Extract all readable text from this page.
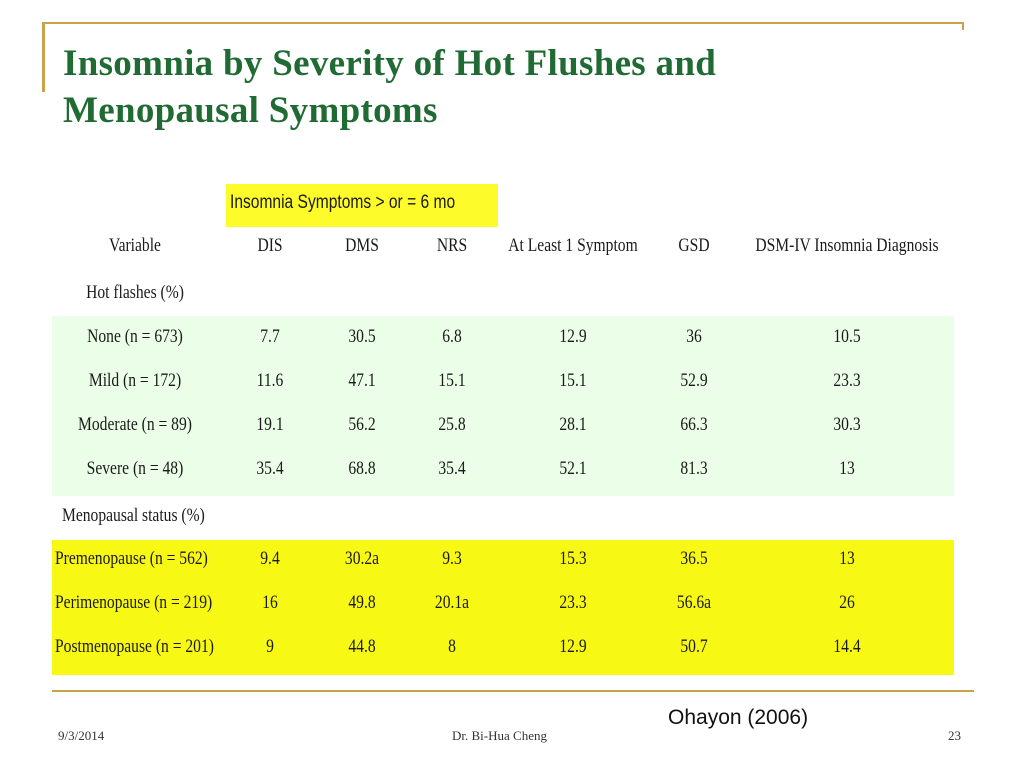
Insomnia by Severity of Hot Flushes and
Menopausal Symptoms
Insomnia Symptoms > or = 6 mo
Variable	DIS	DMS	NRS	At Least 1 Symptom	GSD	DSM-IV Insomnia Diagnosis
Hot flashes (%)
None (n = 673)	7.7	30.5	6.8	12.9	36	10.5
Mild (n = 172)	11.6	47.1	15.1	15.1	52.9	23.3
Moderate (n = 89)	19.1	56.2	25.8	28.1	66.3	30.3
Severe (n = 48)	35.4	68.8	35.4	52.1	81.3	13
Menopausal status (%)
Premenopause (n = 562)	9.4	30.2a	9.3	15.3	36.5	13
Perimenopause (n = 219)	16	49.8	20.1a	23.3	56.6a	26
Postmenopause (n = 201)	9	44.8	8	12.9	50.7	14.4
Ohayon (2006)
9/3/2014	Dr. Bi-Hua Cheng	23
